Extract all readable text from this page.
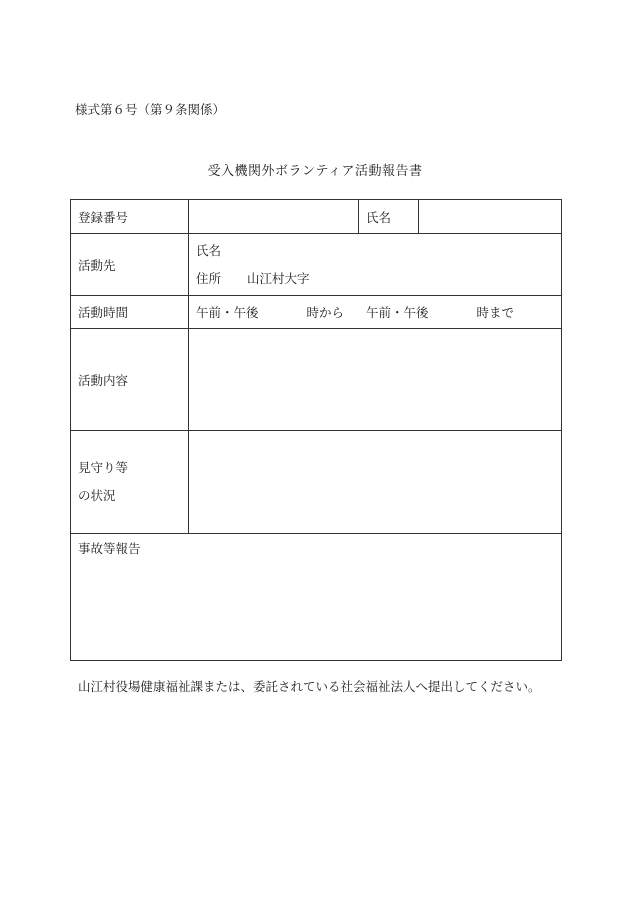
様式第６号（第９条関係）
受入機関外ボランティア活動報告書
登録番号		氏名	
活動先	氏名
住所 山江村大字		

活動時間	午前・午後 時から 午前・午後 時まで		
活動内容			

見守り等
の状況			

事故等報告			
山江村役場健康福祉課または、委託されている社会福祉法人へ提出してください。
